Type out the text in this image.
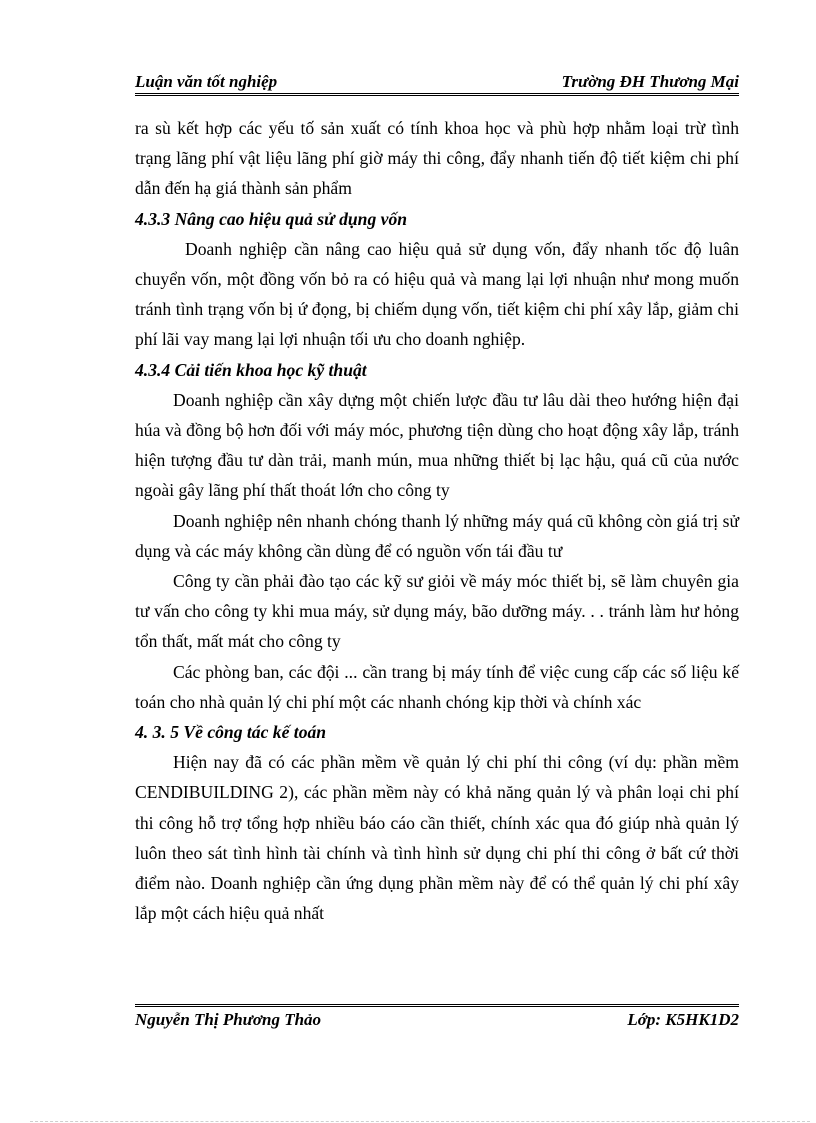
Luận văn tốt nghiệp	Trường ĐH Thương Mại

ra sù kết hợp các yếu tố sản xuất có tính khoa học và phù hợp nhằm loại trừ tình trạng lãng phí vật liệu lãng phí giờ máy thi công, đẩy nhanh tiến độ tiết kiệm chi phí dẫn đến hạ giá thành sản phẩm

4.3.3 Nâng cao hiệu quả sử dụng vốn

Doanh nghiệp cần nâng cao hiệu quả sử dụng vốn, đẩy nhanh tốc độ luân chuyển vốn, một đồng vốn bỏ ra có hiệu quả và mang lại lợi nhuận như mong muốn tránh tình trạng vốn bị ứ đọng, bị chiếm dụng vốn, tiết kiệm chi phí xây lắp, giảm chi phí lãi vay mang lại lợi nhuận tối ưu cho doanh nghiệp.

4.3.4 Cải tiến khoa học kỹ thuật

Doanh nghiệp cần xây dựng một chiến lược đầu tư lâu dài theo hướng hiện đại húa và đồng bộ hơn đối với máy móc, phương tiện dùng cho hoạt động xây lắp, tránh hiện tượng đầu tư dàn trải, manh mún, mua những thiết bị lạc hậu, quá cũ của nước ngoài gây lãng phí thất thoát lớn cho công ty

Doanh nghiệp nên nhanh chóng thanh lý những máy quá cũ không còn giá trị sử dụng và các máy không cần dùng để có nguồn vốn tái đầu tư

Công ty cần phải đào tạo các kỹ sư giỏi về máy móc thiết bị, sẽ làm chuyên gia tư vấn cho công ty khi mua máy, sử dụng máy, bão dưỡng máy. . . tránh làm hư hỏng tổn thất, mất mát cho công ty

Các phòng ban, các đội ... cần trang bị máy tính để việc cung cấp các số liệu kế toán cho nhà quản lý chi phí một các nhanh chóng kịp thời và chính xác

4. 3. 5 Về công tác kế toán

Hiện nay đã có các phần mềm về quản lý chi phí thi công (ví dụ: phần mềm CENDIBUILDING 2), các phần mềm này có khả năng quản lý và phân loại chi phí thi công hỗ trợ tổng hợp nhiều báo cáo cần thiết, chính xác qua đó giúp nhà quản lý luôn theo sát tình hình tài chính và tình hình sử dụng chi phí thi công ở bất cứ thời điểm nào. Doanh nghiệp cần ứng dụng phần mềm này để có thể quản lý chi phí xây lắp một cách hiệu quả nhất

Nguyễn Thị Phương Thảo	Lớp: K5HK1D2
